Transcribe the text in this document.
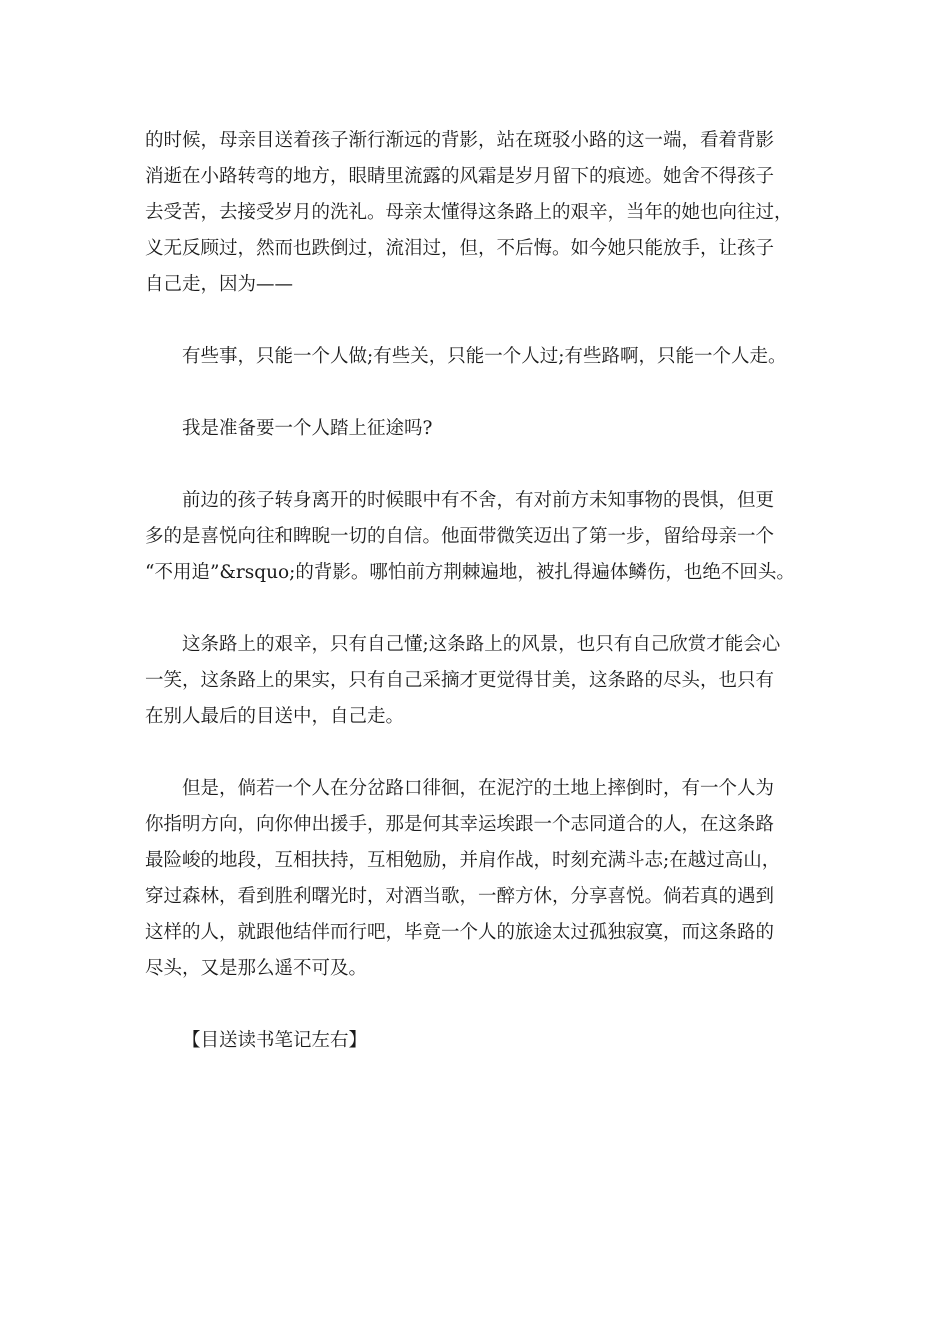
的时候，母亲目送着孩子渐行渐远的背影，站在斑驳小路的这一端，看着背影
消逝在小路转弯的地方，眼睛里流露的风霜是岁月留下的痕迹。她舍不得孩子
去受苦，去接受岁月的洗礼。母亲太懂得这条路上的艰辛，当年的她也向往过，
义无反顾过，然而也跌倒过，流泪过，但，不后悔。如今她只能放手，让孩子
自己走，因为——

有些事，只能一个人做;有些关，只能一个人过;有些路啊，只能一个人走。

我是准备要一个人踏上征途吗?

前边的孩子转身离开的时候眼中有不舍，有对前方未知事物的畏惧，但更
多的是喜悦向往和睥睨一切的自信。他面带微笑迈出了第一步，留给母亲一个
“不用追”&rsquo;的背影。哪怕前方荆棘遍地，被扎得遍体鳞伤，也绝不回头。

这条路上的艰辛，只有自己懂;这条路上的风景，也只有自己欣赏才能会心
一笑，这条路上的果实，只有自己采摘才更觉得甘美，这条路的尽头，也只有
在别人最后的目送中，自己走。

但是，倘若一个人在分岔路口徘徊，在泥泞的土地上摔倒时，有一个人为
你指明方向，向你伸出援手，那是何其幸运埃跟一个志同道合的人，在这条路
最险峻的地段，互相扶持，互相勉励，并肩作战，时刻充满斗志;在越过高山，
穿过森林，看到胜利曙光时，对酒当歌，一醉方休，分享喜悦。倘若真的遇到
这样的人，就跟他结伴而行吧，毕竟一个人的旅途太过孤独寂寞，而这条路的
尽头，又是那么遥不可及。

【目送读书笔记左右】
